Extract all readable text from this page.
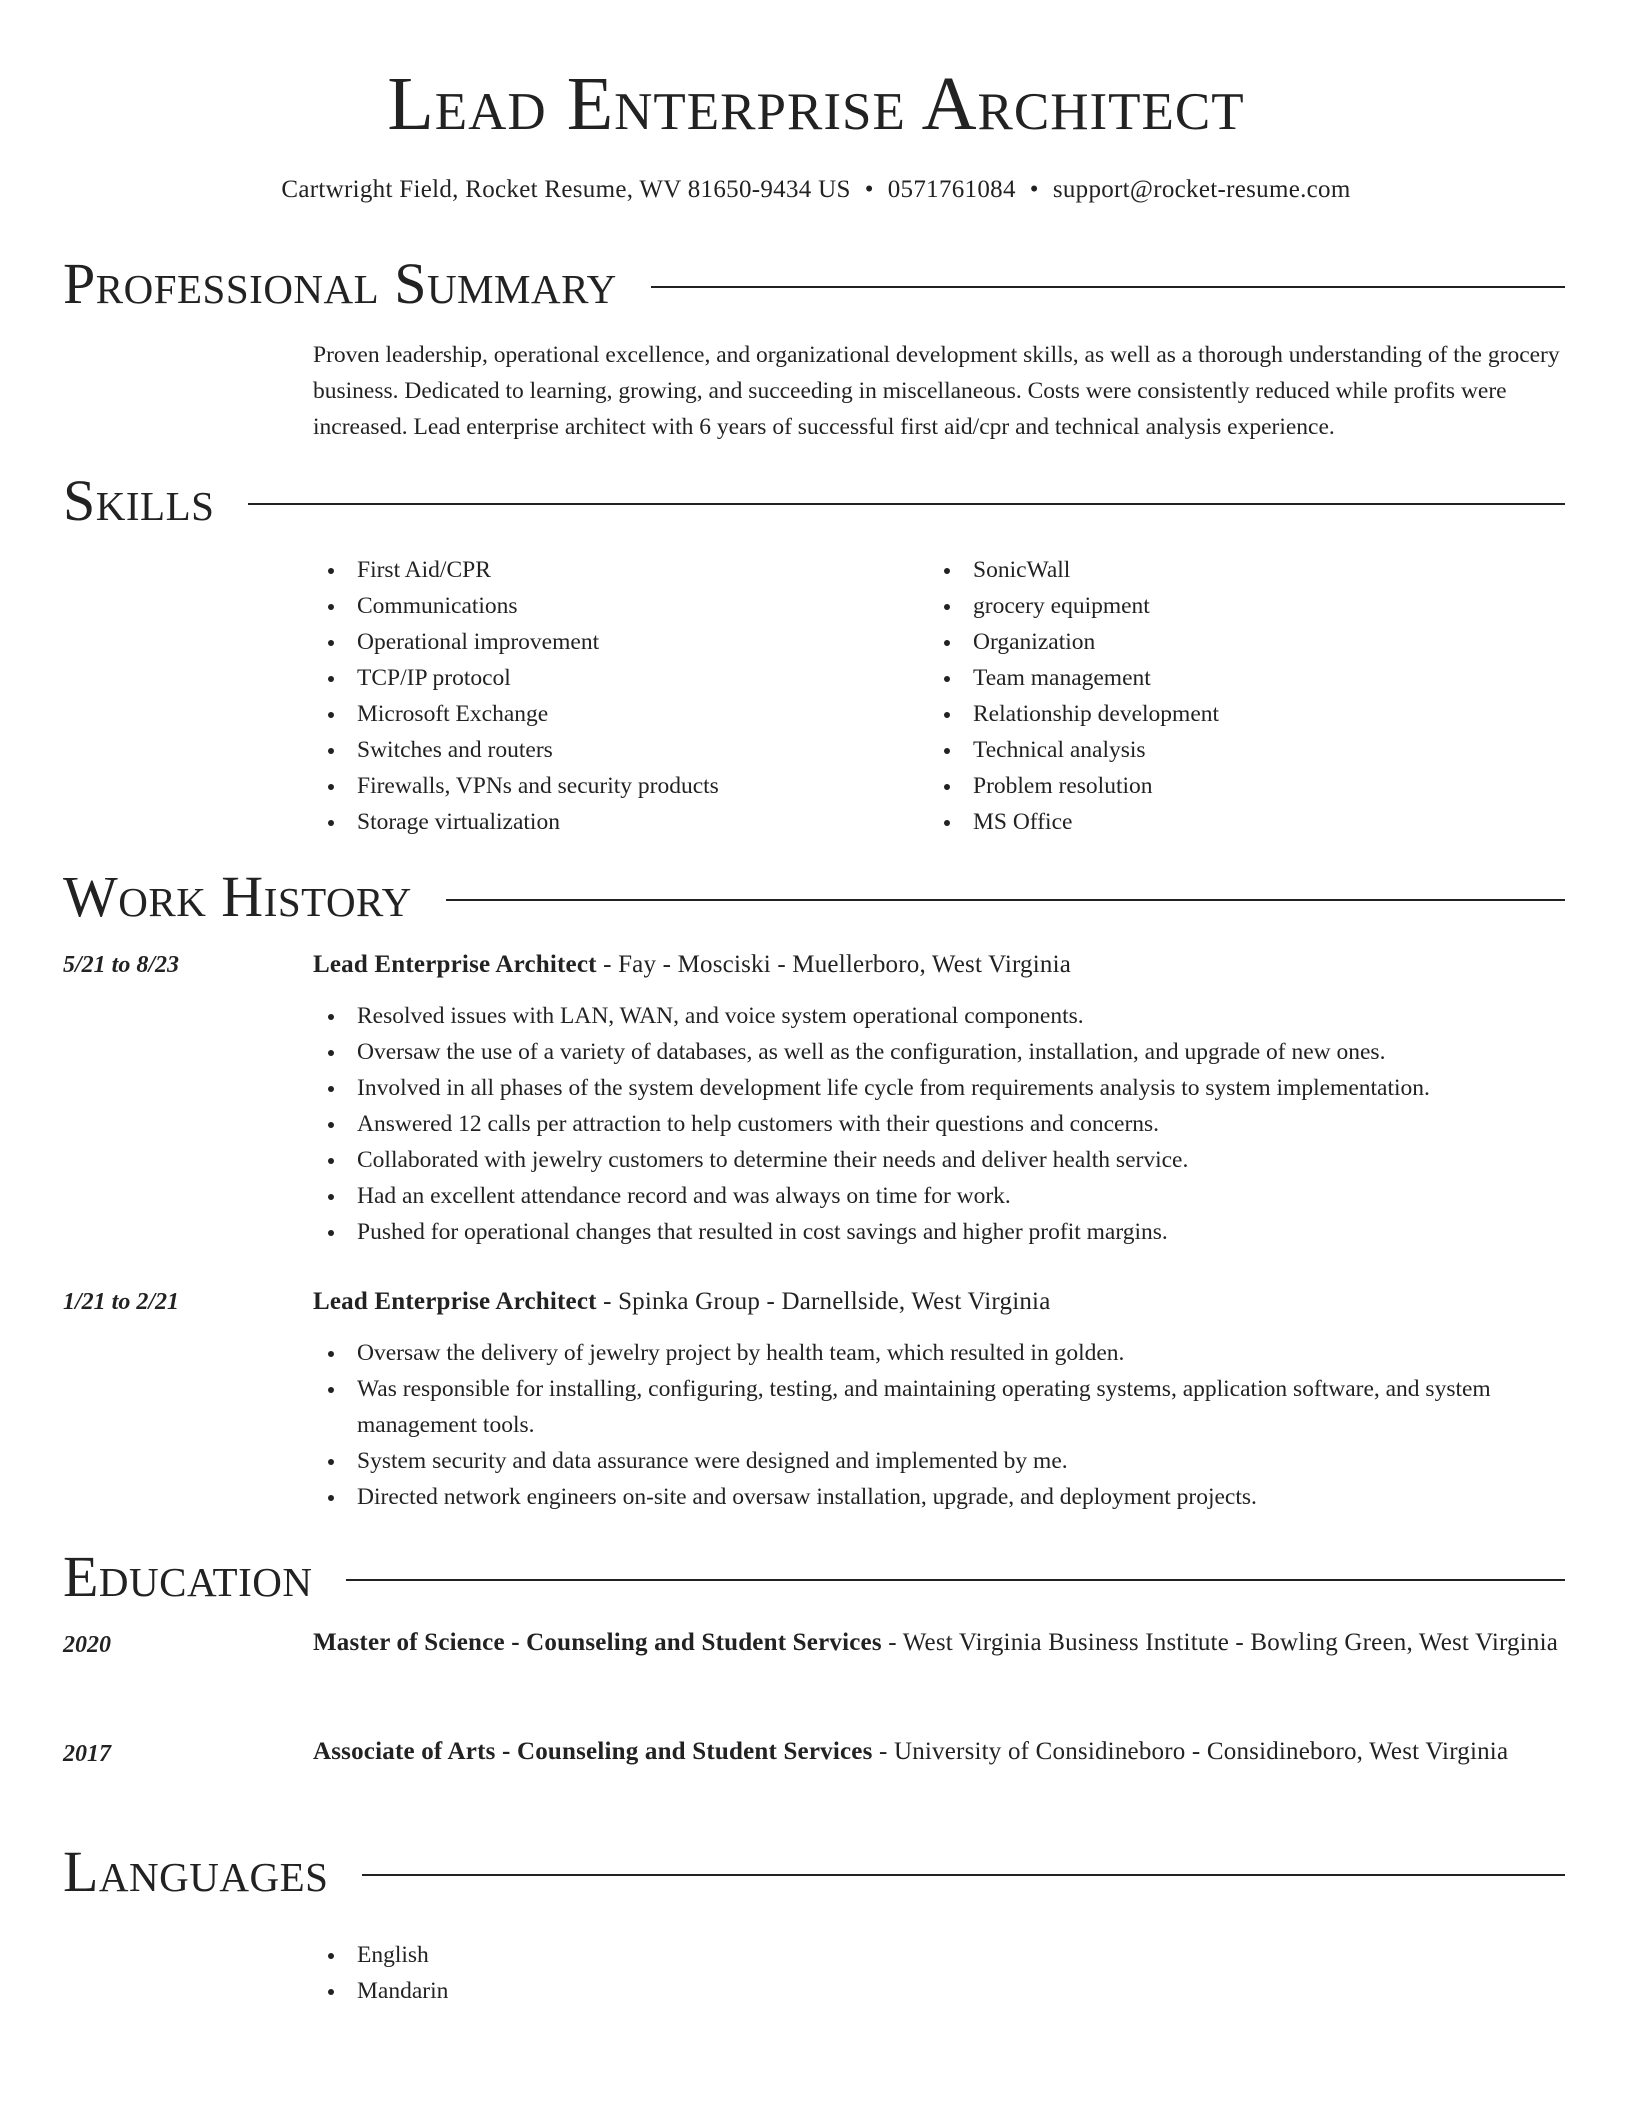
Lead Enterprise Architect
Cartwright Field, Rocket Resume, WV 81650-9434 US • 0571761084 • support@rocket-resume.com
Professional Summary

Proven leadership, operational excellence, and organizational development skills, as well as a thorough understanding of the grocery business. Dedicated to learning, growing, and succeeding in miscellaneous. Costs were consistently reduced while profits were increased. Lead enterprise architect with 6 years of successful first aid/cpr and technical analysis experience.

Skills
First Aid/CPR
Communications
Operational improvement
TCP/IP protocol
Microsoft Exchange
Switches and routers
Firewalls, VPNs and security products
Storage virtualization
SonicWall
grocery equipment
Organization
Team management
Relationship development
Technical analysis
Problem resolution
MS Office
Work History
5/21 to 8/23	Lead Enterprise Architect - Fay - Mosciski - Muellerboro, West Virginia
Resolved issues with LAN, WAN, and voice system operational components.
Oversaw the use of a variety of databases, as well as the configuration, installation, and upgrade of new ones.
Involved in all phases of the system development life cycle from requirements analysis to system implementation.
Answered 12 calls per attraction to help customers with their questions and concerns.
Collaborated with jewelry customers to determine their needs and deliver health service.
Had an excellent attendance record and was always on time for work.
Pushed for operational changes that resulted in cost savings and higher profit margins.
1/21 to 2/21	Lead Enterprise Architect - Spinka Group - Darnellside, West Virginia
Oversaw the delivery of jewelry project by health team, which resulted in golden.
Was responsible for installing, configuring, testing, and maintaining operating systems, application software, and system management tools.
System security and data assurance were designed and implemented by me.
Directed network engineers on-site and oversaw installation, upgrade, and deployment projects.
Education
2020	Master of Science - Counseling and Student Services - West Virginia Business Institute - Bowling Green, West Virginia
2017	Associate of Arts - Counseling and Student Services - University of Considineboro - Considineboro, West Virginia
Languages
English
Mandarin
